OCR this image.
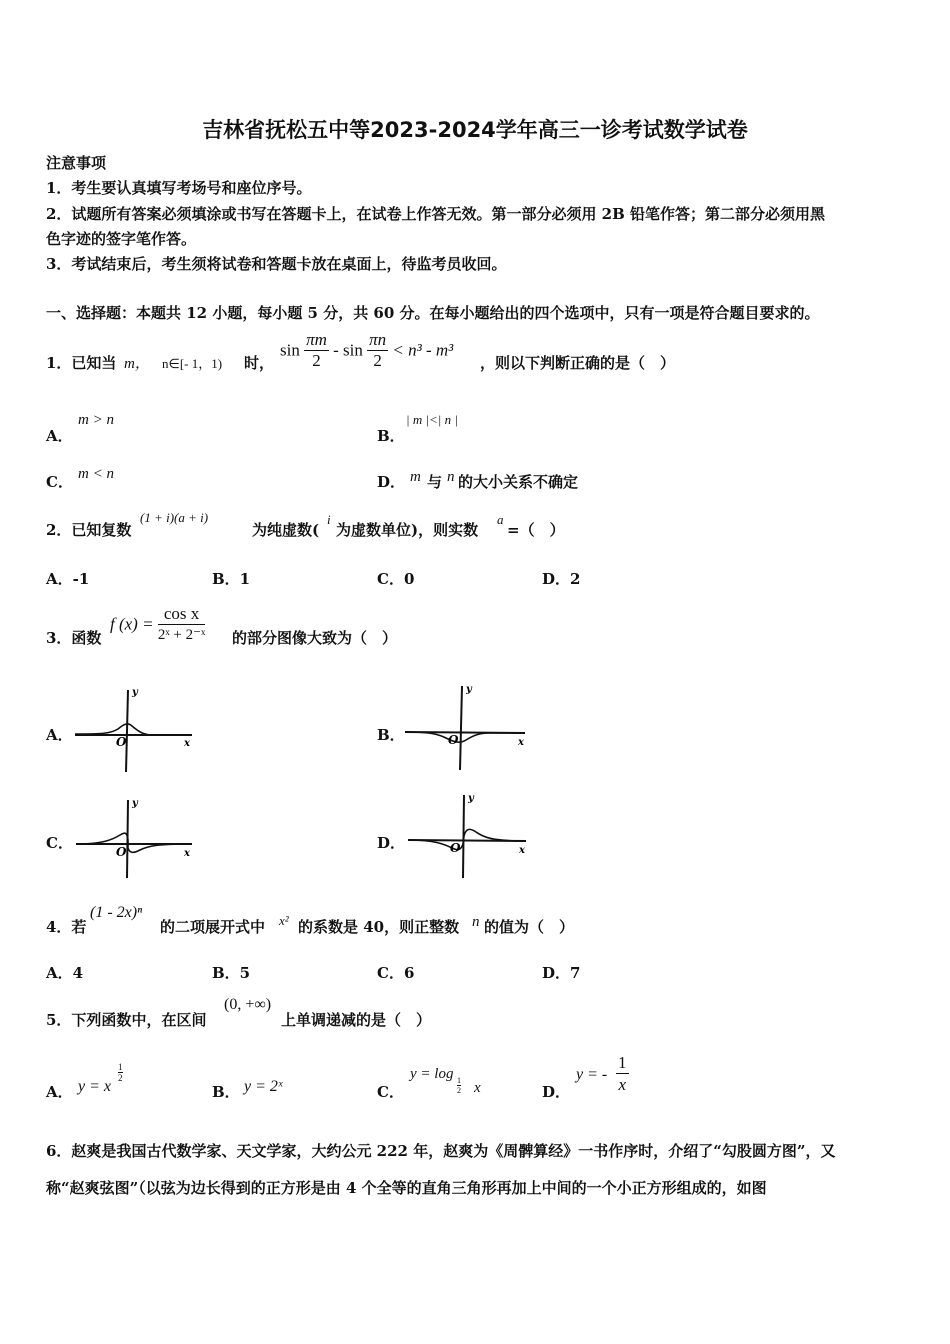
吉林省抚松五中等2023-2024学年高三一诊考试数学试卷
注意事项
1．考生要认真填写考场号和座位序号。
2．试题所有答案必须填涂或书写在答题卡上，在试卷上作答无效。第一部分必须用 2B 铅笔作答；第二部分必须用黑
色字迹的签字笔作答。
3．考试结束后，考生须将试卷和答题卡放在桌面上，待监考员收回。
一、选择题：本题共 12 小题，每小题 5 分，共 60 分。在每小题给出的四个选项中，只有一项是符合题目要求的。
1．已知当 m， n∈[- 1，1) 时，
$\sin \frac{\pi m}{2} - \sin \frac{\pi n}{2} < n^3 - m^3$
，则以下判断正确的是（　）
A．
m > n
B．
| m |<| n |
C． m < n	D． m 与 n 的大小关系不确定
2．已知复数
(1 + i)(a + i)
为纯虚数(
i
为虚数单位)，则实数
a
=（　）
A．-1	B．1	C．0	D．2
3．函数
f $(x) = \frac{\text{cos x}}{\text{2ˣ + 2⁻ˣ}}$ 的部分图像大致为（　）
A．
y
x
O	B．
y
x
O
C．
y
x
O	D．
y
x
O
4．若
(1 - 2x)ⁿ
的二项展开式中 x² 的系数是 40，则正整数 n 的值为（　）
A．4	B．5	C．6	D．7
5．下列函数中，在区间
(0, +∞)
上单调递减的是（　）
A． y = x
$\frac{1}{2}$
B． y = 2ˣ	C．
y = log
$\frac{1}{2}$ x	D．
y = - $\frac{1}{x}$
6．赵爽是我国古代数学家、天文学家，大约公元 222 年，赵爽为《周髀算经》一书作序时，介绍了“勾股圆方图”，又
称“赵爽弦图”（以弦为边长得到的正方形是由 4 个全等的直角三角形再加上中间的一个小正方形组成的，如图
